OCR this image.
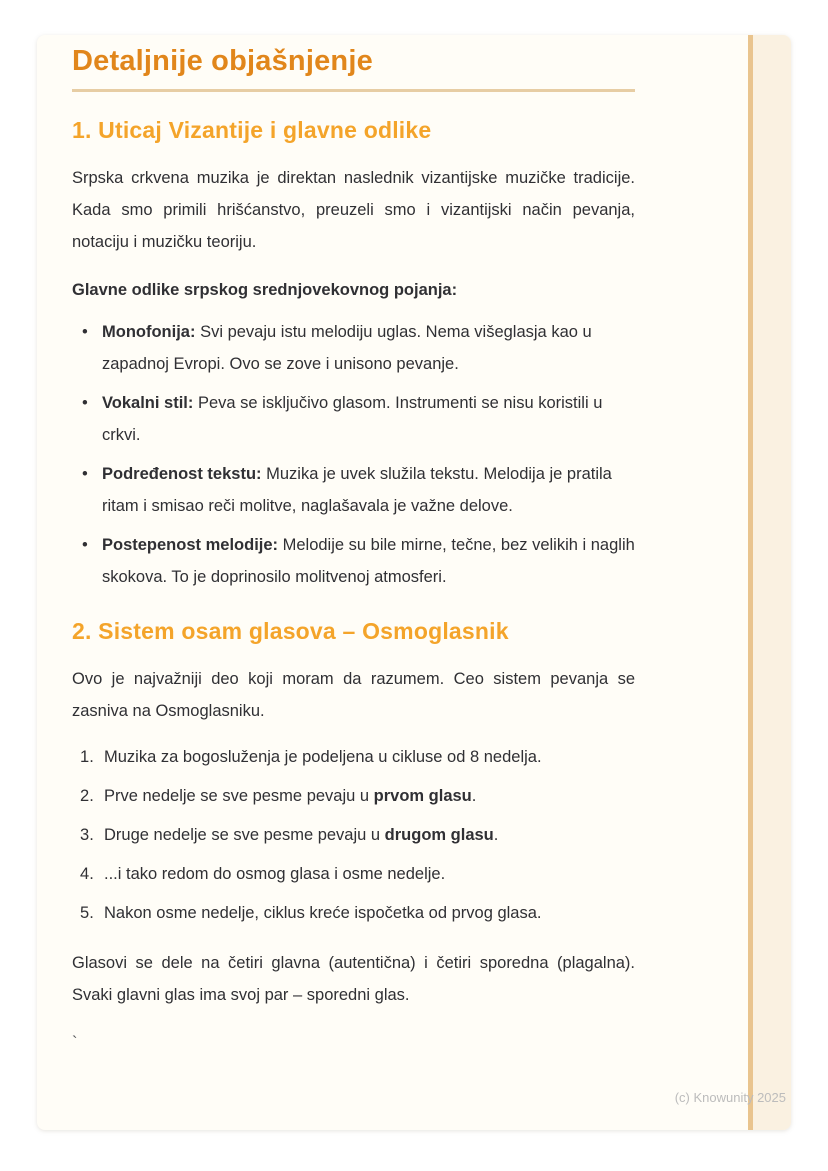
Detaljnije objašnjenje
1. Uticaj Vizantije i glavne odlike

Srpska crkvena muzika je direktan naslednik vizantijske muzičke tradicije. Kada smo primili hrišćanstvo, preuzeli smo i vizantijski način pevanja, notaciju i muzičku teoriju.

Glavne odlike srpskog srednjovekovnog pojanja:

• Monofonija: Svi pevaju istu melodiju uglas. Nema višeglasja kao u zapadnoj Evropi. Ovo se zove i unisono pevanje.
• Vokalni stil: Peva se isključivo glasom. Instrumenti se nisu koristili u crkvi.
• Podređenost tekstu: Muzika je uvek služila tekstu. Melodija je pratila ritam i smisao reči molitve, naglašavala je važne delove.
• Postepenost melodije: Melodije su bile mirne, tečne, bez velikih i naglih skokova. To je doprinosilo molitvenoj atmosferi.
2. Sistem osam glasova – Osmoglasnik

Ovo je najvažniji deo koji moram da razumem. Ceo sistem pevanja se zasniva na Osmoglasniku.

Muzika za bogosluženja je podeljena u cikluse od 8 nedelja.
Prve nedelje se sve pesme pevaju u prvom glasu.
Druge nedelje se sve pesme pevaju u drugom glasu.
...i tako redom do osmog glasa i osme nedelje.
Nakon osme nedelje, ciklus kreće ispočetka od prvog glasa.

Glasovi se dele na četiri glavna (autentična) i četiri sporedna (plagalna). Svaki glavni glas ima svoj par – sporedni glas.

`

(c) Knowunity 2025
